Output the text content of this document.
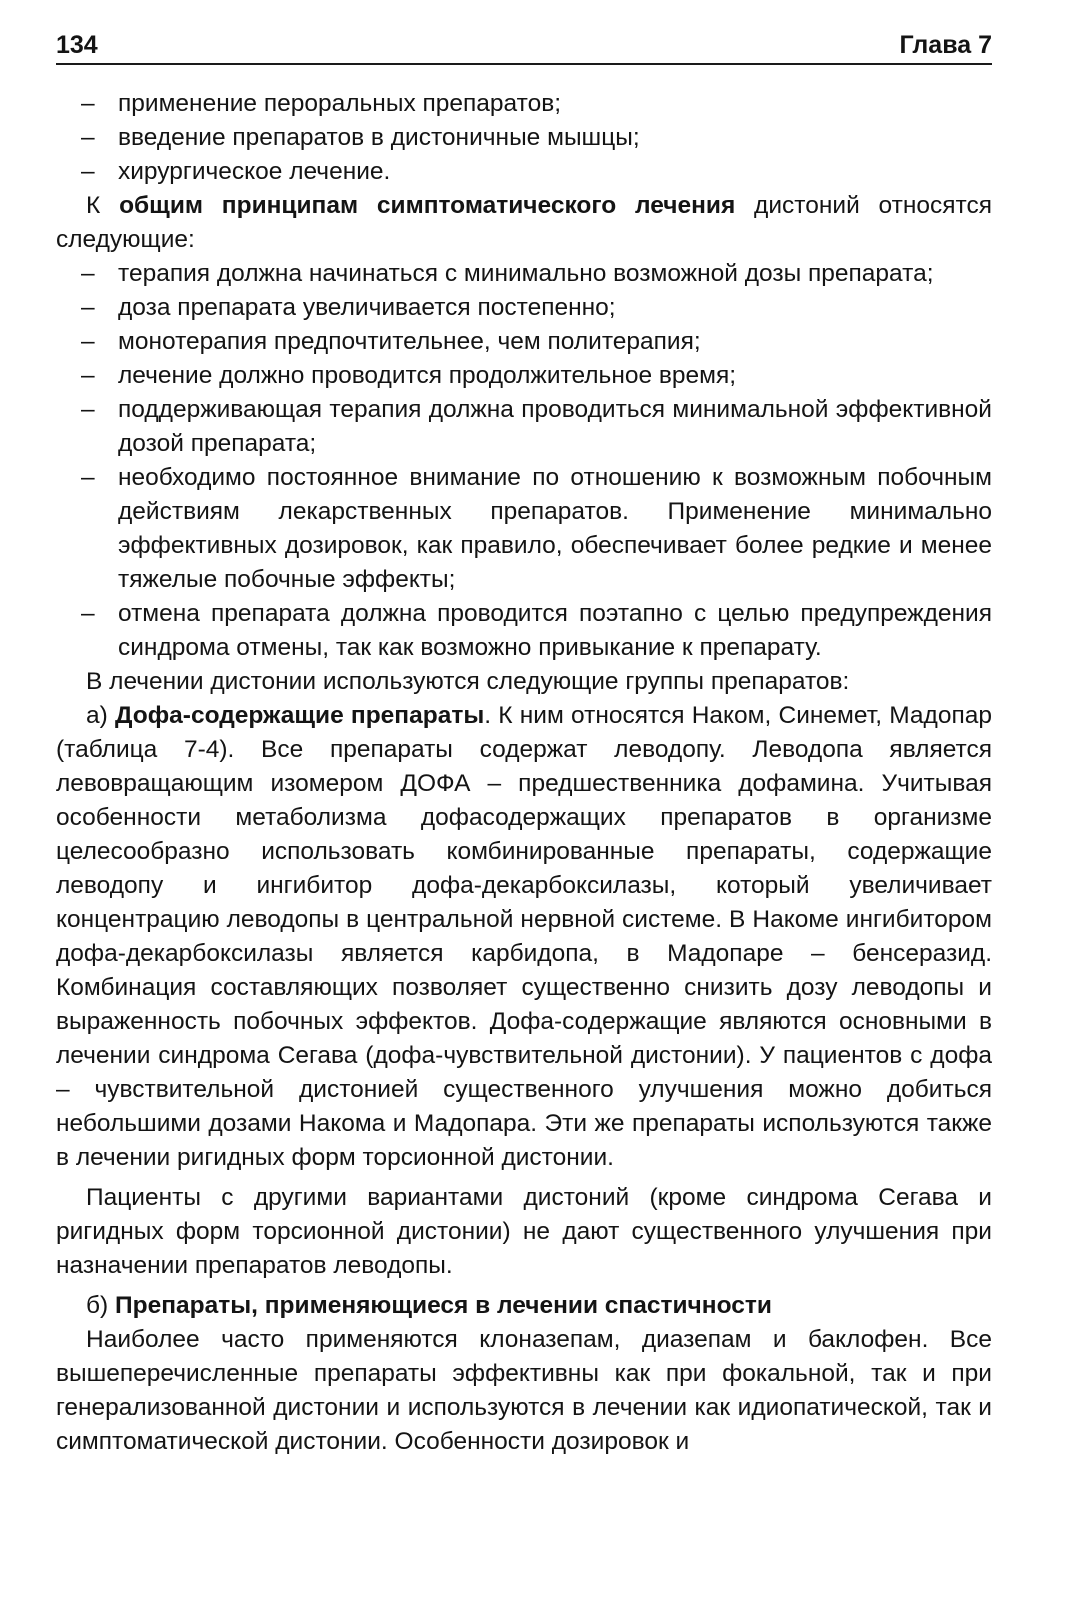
134	Глава 7
– применение пероральных препаратов;
– введение препаратов в дистоничные мышцы;
– хирургическое лечение.

К общим принципам симптоматического лечения дистоний относятся следующие:

– терапия должна начинаться с минимально возможной дозы препарата;
– доза препарата увеличивается постепенно;
– монотерапия предпочтительнее, чем политерапия;
– лечение должно проводится продолжительное время;
– поддерживающая терапия должна проводиться минимальной эффективной дозой препарата;
– необходимо постоянное внимание по отношению к возможным побочным действиям лекарственных препаратов. Применение минимально эффективных дозировок, как правило, обеспечивает более редкие и менее тяжелые побочные эффекты;
– отмена препарата должна проводится поэтапно с целью предупреждения синдрома отмены, так как возможно привыкание к препарату.

В лечении дистонии используются следующие группы препаратов:

а) Дофа-содержащие препараты. К ним относятся Наком, Синемет, Мадопар (таблица 7-4). Все препараты содержат леводопу. Леводопа является левовращающим изомером ДОФА – предшественника дофамина. Учитывая особенности метаболизма дофасодержащих препаратов в организме целесообразно использовать комбинированные препараты, содержащие леводопу и ингибитор дофа-декарбоксилазы, который увеличивает концентрацию леводопы в центральной нервной системе. В Накоме ингибитором дофа-декарбоксилазы является карбидопа, в Мадопаре – бенсеразид. Комбинация составляющих позволяет существенно снизить дозу леводопы и выраженность побочных эффектов. Дофа-содержащие являются основными в лечении синдрома Сегава (дофа-чувствительной дистонии). У пациентов с дофа – чувствительной дистонией существенного улучшения можно добиться небольшими дозами Накома и Мадопара. Эти же препараты используются также в лечении ригидных форм торсионной дистонии.

Пациенты с другими вариантами дистоний (кроме синдрома Сегава и ригидных форм торсионной дистонии) не дают существенного улучшения при назначении препаратов леводопы.

б) Препараты, применяющиеся в лечении спастичности

Наиболее часто применяются клоназепам, диазепам и баклофен. Все вышеперечисленные препараты эффективны как при фокальной, так и при генерализованной дистонии и используются в лечении как идиопатической, так и симптоматической дистонии. Особенности дозировок и
